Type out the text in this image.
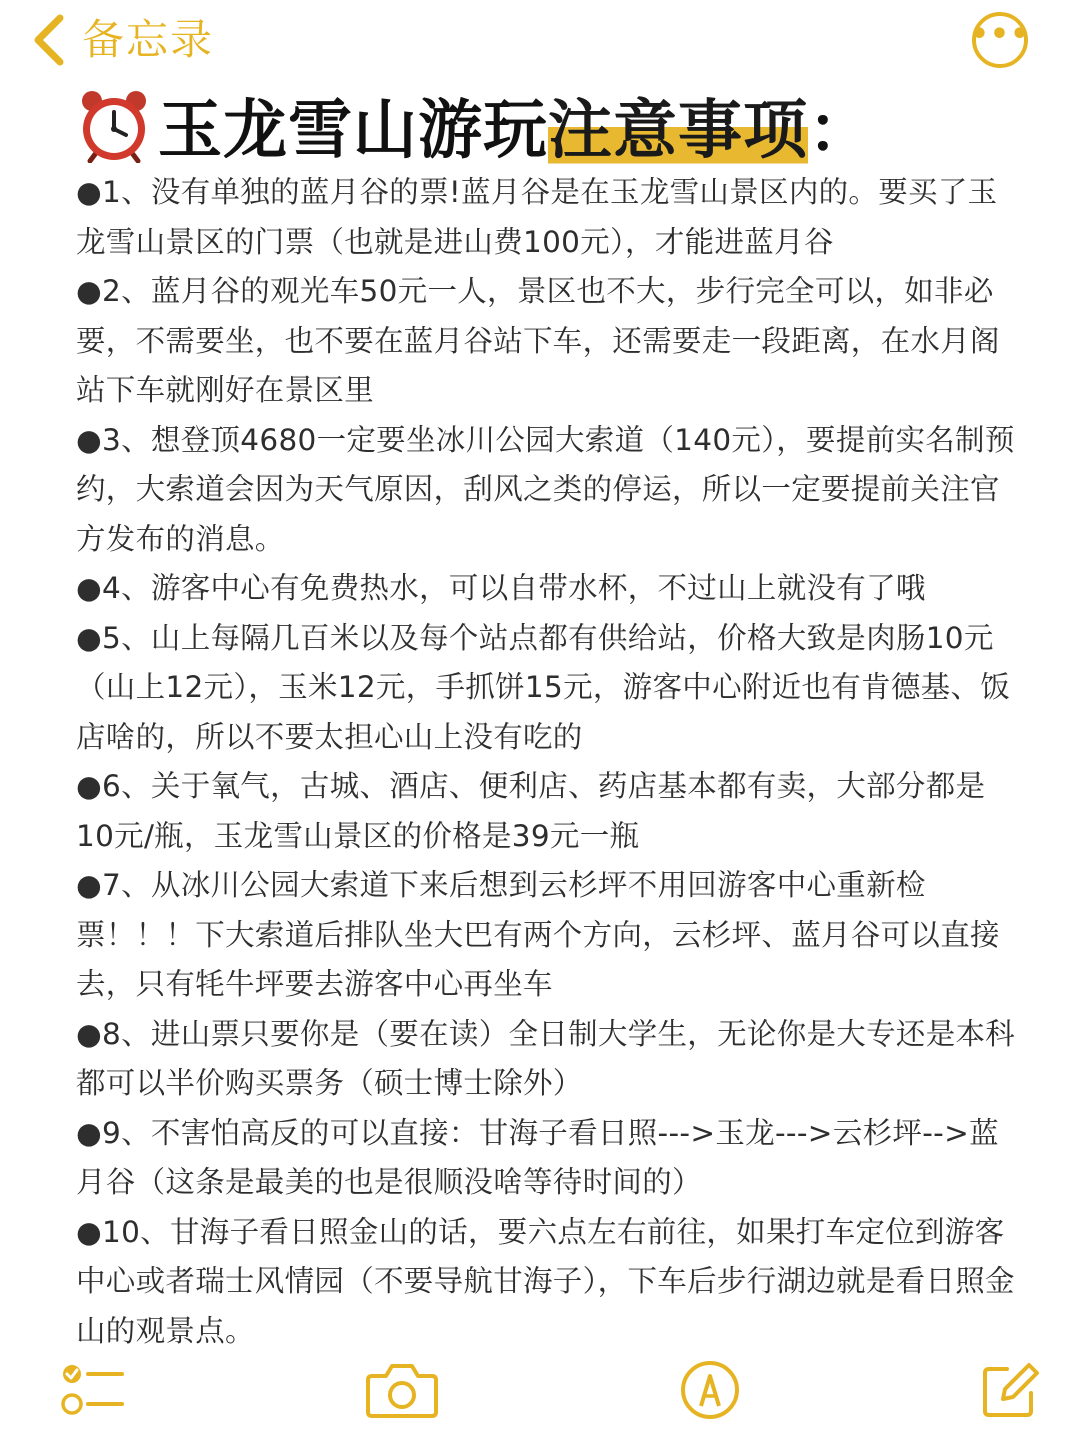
备忘录	•••
玉龙雪山游玩 注意事项 ：

●1、没有单独的蓝月谷的票!蓝月谷是在玉龙雪山景区内的。要买了玉龙雪山景区的门票（也就是进山费100元），才能进蓝月谷

●2、蓝月谷的观光车50元一人，景区也不大，步行完全可以，如非必要，不需要坐，也不要在蓝月谷站下车，还需要走一段距离，在水月阁站下车就刚好在景区里

●3、想登顶4680一定要坐冰川公园大索道（140元），要提前实名制预约，大索道会因为天气原因，刮风之类的停运，所以一定要提前关注官方发布的消息。

●4、游客中心有免费热水，可以自带水杯，不过山上就没有了哦

●5、山上每隔几百米以及每个站点都有供给站，价格大致是肉肠10元（山上12元），玉米12元，手抓饼15元，游客中心附近也有肯德基、饭店啥的，所以不要太担心山上没有吃的

●6、关于氧气，古城、酒店、便利店、药店基本都有卖，大部分都是10元/瓶，玉龙雪山景区的价格是39元一瓶

●7、从冰川公园大索道下来后想到云杉坪不用回游客中心重新检票！！！下大索道后排队坐大巴有两个方向，云杉坪、蓝月谷可以直接去，只有牦牛坪要去游客中心再坐车

●8、进山票只要你是（要在读）全日制大学生，无论你是大专还是本科都可以半价购买票务（硕士博士除外）

●9、不害怕高反的可以直接：甘海子看日照--->玉龙--->云杉坪-->蓝月谷（这条是最美的也是很顺没啥等待时间的）

●10、甘海子看日照金山的话，要六点左右前往，如果打车定位到游客中心或者瑞士风情园（不要导航甘海子），下车后步行湖边就是看日照金山的观景点。
